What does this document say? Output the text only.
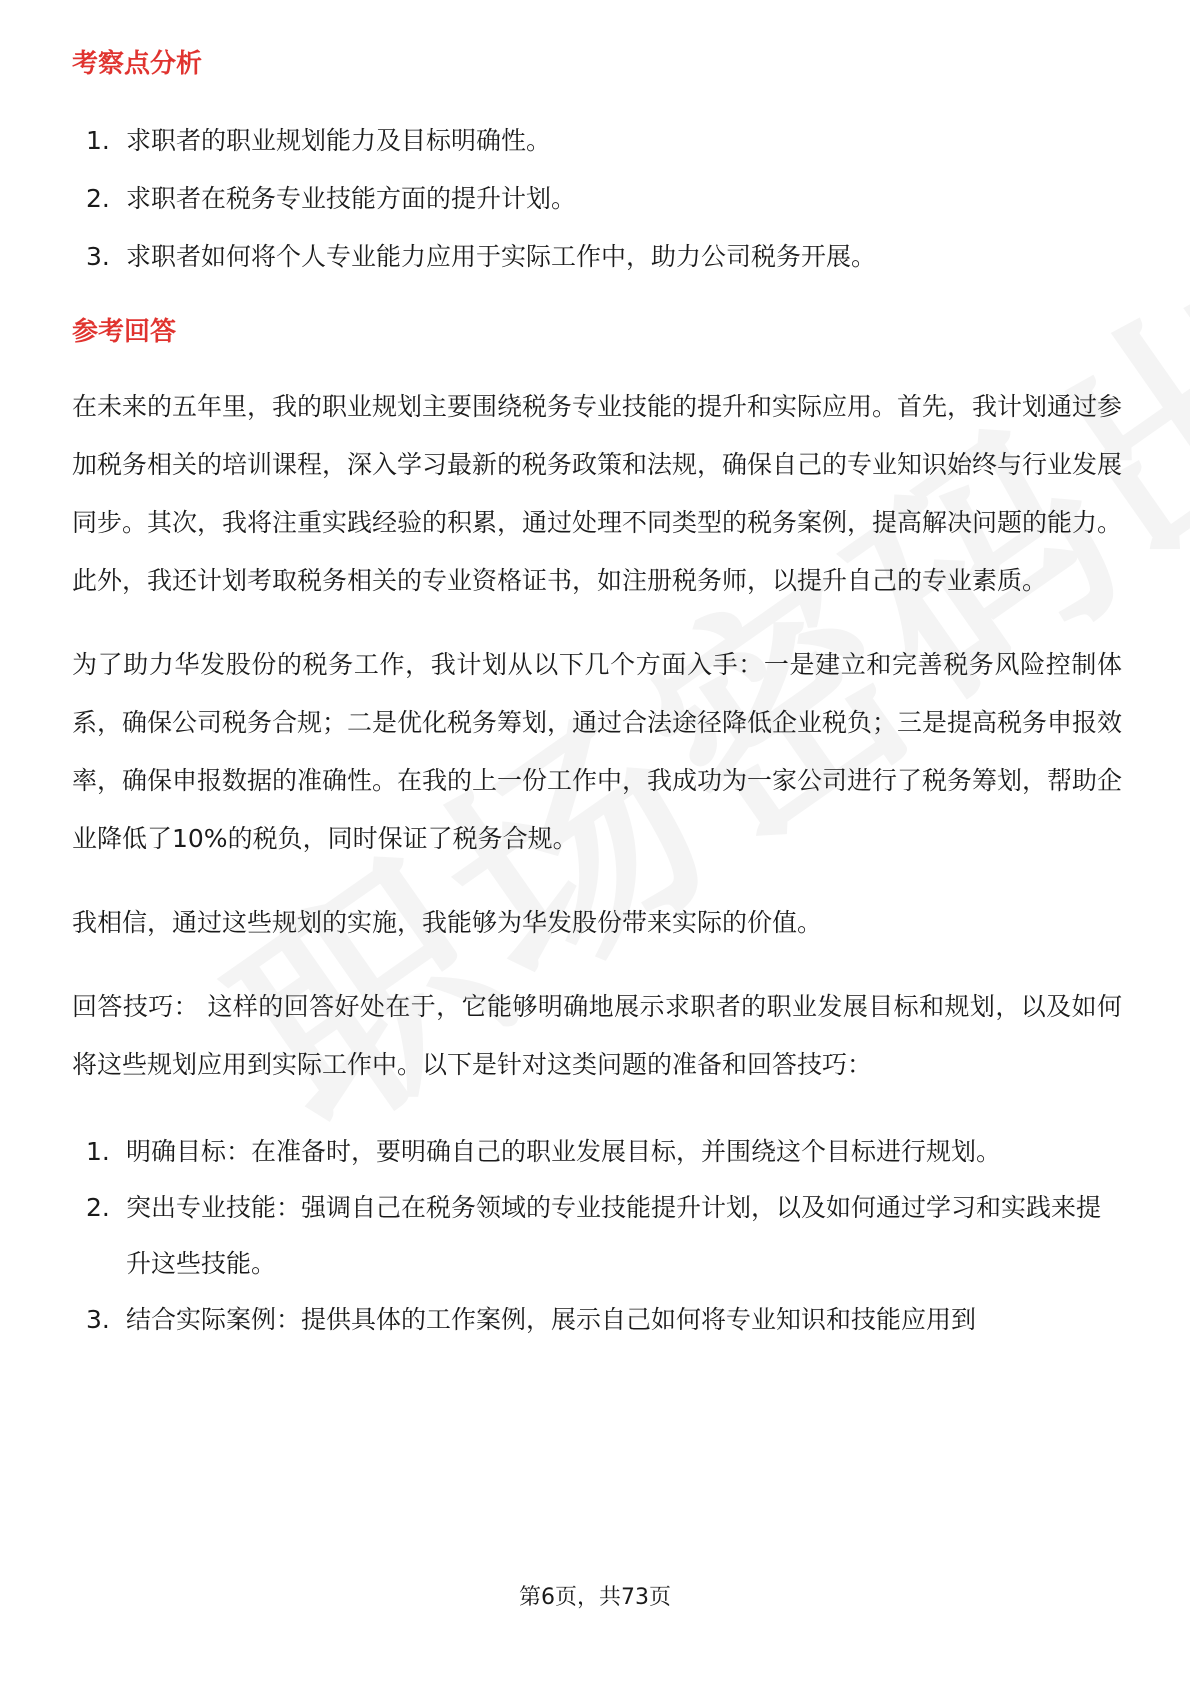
考察点分析
1. 求职者的职业规划能力及目标明确性。
2. 求职者在税务专业技能方面的提升计划。
3. 求职者如何将个人专业能力应用于实际工作中，助力公司税务开展。
参考回答

在未来的五年里，我的职业规划主要围绕税务专业技能的提升和实际应用。首先，我计划通过参加税务相关的培训课程，深入学习最新的税务政策和法规，确保自己的专业知识始终与行业发展同步。其次，我将注重实践经验的积累，通过处理不同类型的税务案例，提高解决问题的能力。此外，我还计划考取税务相关的专业资格证书，如注册税务师，以提升自己的专业素质。

为了助力华发股份的税务工作，我计划从以下几个方面入手：一是建立和完善税务风险控制体系，确保公司税务合规；二是优化税务筹划，通过合法途径降低企业税负；三是提高税务申报效率，确保申报数据的准确性。在我的上一份工作中，我成功为一家公司进行了税务筹划，帮助企业降低了10%的税负，同时保证了税务合规。

我相信，通过这些规划的实施，我能够为华发股份带来实际的价值。

回答技巧： 这样的回答好处在于，它能够明确地展示求职者的职业发展目标和规划，以及如何将这些规划应用到实际工作中。以下是针对这类问题的准备和回答技巧：

1. 明确目标：在准备时，要明确自己的职业发展目标，并围绕这个目标进行规划。
2. 突出专业技能：强调自己在税务领域的专业技能提升计划，以及如何通过学习和实践来提升这些技能。
3. 结合实际案例：提供具体的工作案例，展示自己如何将专业知识和技能应用到
第6页，共73页
